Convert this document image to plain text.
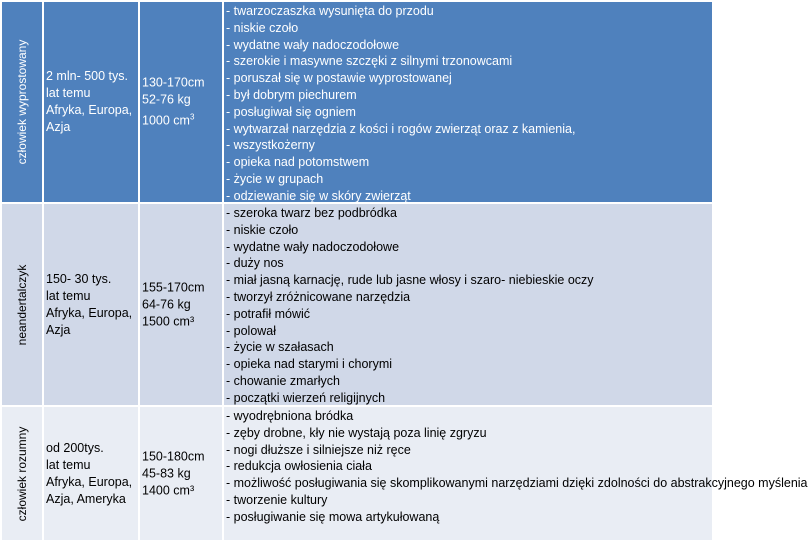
człowiek wyprostowany 2 mln- 500 tys.
lat temu
Afryka, Europa,
Azja
130-170cm
52-76 kg
1000 $cm^3$
- twarzoczaszka wysunięta do przodu
- niskie czoło
- wydatne wały nadoczodołowe
- szerokie i masywne szczęki z silnymi trzonowcami
- poruszał się w postawie wyprostowanej
- był dobrym piechurem
- posługiwał się ogniem
- wytwarzał narzędzia z kości i rogów zwierząt oraz z kamienia,
- wszystkożerny
- opieka nad potomstwem
- życie w grupach
- odziewanie się w skóry zwierząt
neandertalczyk 150- 30 tys.
lat temu
Afryka, Europa,
Azja
155-170cm
64-76 kg
1500 cm³
- szeroka twarz bez podbródka
- niskie czoło
- wydatne wały nadoczodołowe
- duży nos
- miał jasną karnację, rude lub jasne włosy i szaro- niebieskie oczy
- tworzył zróżnicowane narzędzia
- potrafił mówić
- polował
- życie w szałasach
- opieka nad starymi i chorymi
- chowanie zmarłych
- początki wierzeń religijnych
człowiek rozumny od 200tys.
lat temu
Afryka, Europa,
Azja, Ameryka
150-180cm
45-83 kg
1400 cm³
- wyodrębniona bródka
- zęby drobne, kły nie wystają poza linię zgryzu
- nogi dłuższe i silniejsze niż ręce
- redukcja owłosienia ciała
- możliwość posługiwania się skomplikowanymi narzędziami dzięki zdolności do abstrakcyjnego myślenia
- tworzenie kultury
- posługiwanie się mowa artykułowaną
